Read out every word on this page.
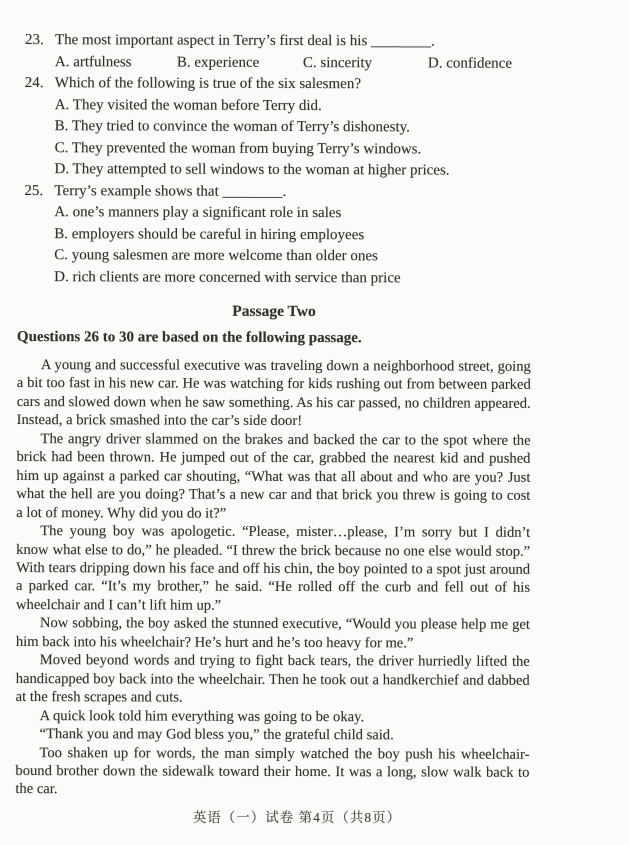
23. The most important aspect in Terry’s first deal is his ________.
A. artfulness	B. experience	C. sincerity	D. confidence
24. Which of the following is true of the six salesmen?
A. They visited the woman before Terry did.
B. They tried to convince the woman of Terry’s dishonesty.
C. They prevented the woman from buying Terry’s windows.
D. They attempted to sell windows to the woman at higher prices.
25. Terry’s example shows that ________.
A. one’s manners play a significant role in sales
B. employers should be careful in hiring employees
C. young salesmen are more welcome than older ones
D. rich clients are more concerned with service than price
Passage Two

Questions 26 to 30 are based on the following passage.

A young and successful executive was traveling down a neighborhood street, going a bit too fast in his new car. He was watching for kids rushing out from between parked cars and slowed down when he saw something. As his car passed, no children appeared. Instead, a brick smashed into the car’s side door!

The angry driver slammed on the brakes and backed the car to the spot where the brick had been thrown. He jumped out of the car, grabbed the nearest kid and pushed him up against a parked car shouting, “What was that all about and who are you? Just what the hell are you doing? That’s a new car and that brick you threw is going to cost a lot of money. Why did you do it?”

The young boy was apologetic. “Please, mister…please, I’m sorry but I didn’t know what else to do,” he pleaded. “I threw the brick because no one else would stop.” With tears dripping down his face and off his chin, the boy pointed to a spot just around a parked car. “It’s my brother,” he said. “He rolled off the curb and fell out of his wheelchair and I can’t lift him up.”

Now sobbing, the boy asked the stunned executive, “Would you please help me get him back into his wheelchair? He’s hurt and he’s too heavy for me.”

Moved beyond words and trying to fight back tears, the driver hurriedly lifted the handicapped boy back into the wheelchair. Then he took out a handkerchief and dabbed at the fresh scrapes and cuts.

A quick look told him everything was going to be okay.

“Thank you and may God bless you,” the grateful child said.

Too shaken up for words, the man simply watched the boy push his wheelchair-bound brother down the sidewalk toward their home. It was a long, slow walk back to the car.

英语（一）试卷 第4页（共8页）
